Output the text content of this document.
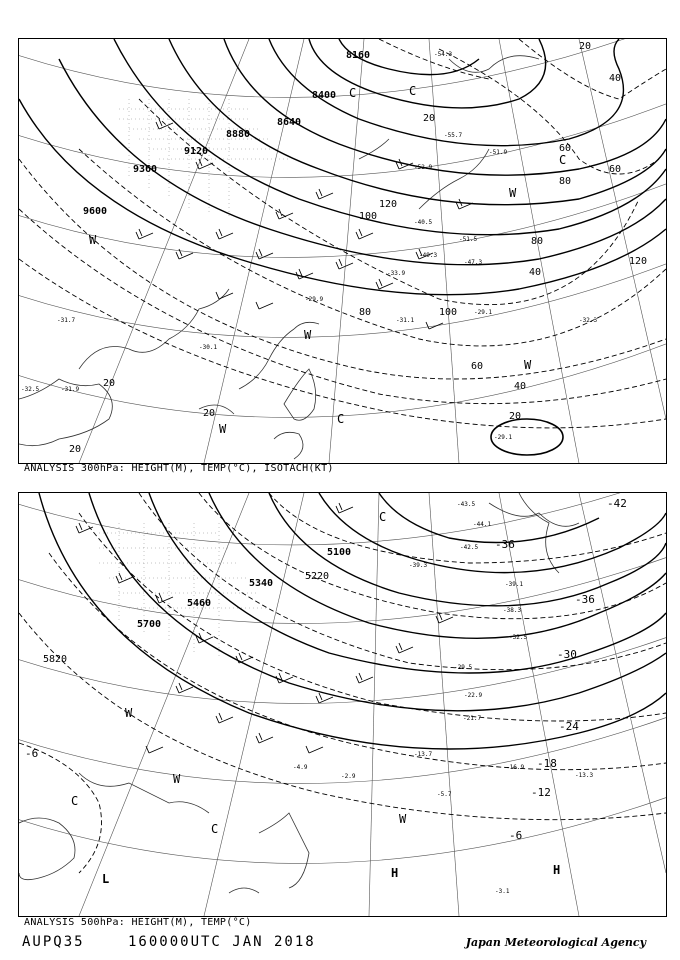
8160
8400
8640
8880
9120
9360
9600
20
40
60
80
100
120
80
60
40
20
120
100
80
60
40
20
20
20
20
C	C
C
W
W
W
W
W
C
-54.3
-55.7
-51.9
-52.9
-51.5
-40.5
-49.3
-47.3
-33.9
-29.9
-29.1
-31.1	-32.3
-30.1
-31.7
-32.5	-31.9
-29.1
ANALYSIS 300hPa: HEIGHT(M), TEMP(°C), ISOTACH(KT)
5100
5220
5340
5460
5700
5820
-42
-36
-36
-30
-24
-18
-12
-6
-6
C
C
W
W
W
L	H	H
C
-43.5
-44.1
-42.5
-39.3
-39.1
-38.3
-32.5
-29.5
-22.9
-21.7
-16.9
-13.3
-13.7
-5.7
-2.9
-4.9
-3.1
ANALYSIS 500hPa: HEIGHT(M), TEMP(°C)
AUPQ35	160000UTC JAN 2018	Japan Meteorological Agency
